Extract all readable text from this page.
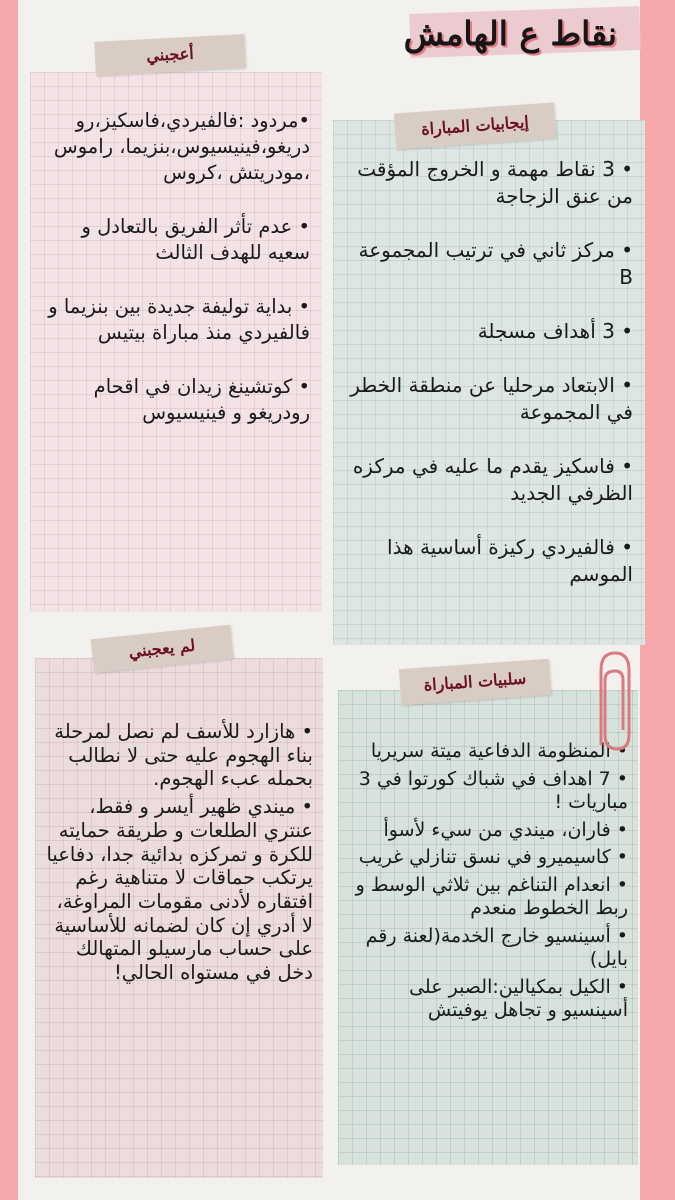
نقاط ع الهامش
•مردود :فالفيردي،فاسكيز،رو دريغو،فينيسيوس،بنزيما، راموس ،مودريتش ،كروس
• عدم تأثر الفريق بالتعادل و سعيه للهدف الثالث
• بداية توليفة جديدة بين بنزيما و فالفيردي منذ مباراة بيتيس
• كوتشينغ زيدان في اقحام رودريغو و فينيسيوس
أعجبني
• 3 نقاط مهمة و الخروج المؤقت من عنق الزجاجة
• مركز ثاني في ترتيب المجموعة B
• 3 أهداف مسجلة
• الابتعاد مرحليا عن منطقة الخطر في المجموعة
• فاسكيز يقدم ما عليه في مركزه الظرفي الجديد
• فالفيردي ركيزة أساسية هذا الموسم
إيجابيات المباراة
• هازارد للأسف لم نصل لمرحلة بناء الهجوم عليه حتى لا نطالب بحمله عبء الهجوم.
• ميندي ظهير أيسر و فقط، عنتري الطلعات و طريقة حمايته للكرة و تمركزه بدائية جدا، دفاعيا يرتكب حماقات لا متناهية رغم افتقاره لأدنى مقومات المراوغة، لا أدري إن كان لضمانه للأساسية على حساب مارسيلو المتهالك دخل في مستواه الحالي!
لم يعجبني
• المنظومة الدفاعية ميتة سريريا
• 7 اهداف في شباك كورتوا في 3 مباريات !
• فاران، ميندي من سيء لأسوأ
• كاسيميرو في نسق تنازلي غريب
• انعدام التناغم بين ثلاثي الوسط و ربط الخطوط منعدم
• أسينسيو خارج الخدمة(لعنة رقم بايل)
• الكيل بمكيالين:الصبر على أسينسيو و تجاهل يوفيتش
سلبيات المباراة
